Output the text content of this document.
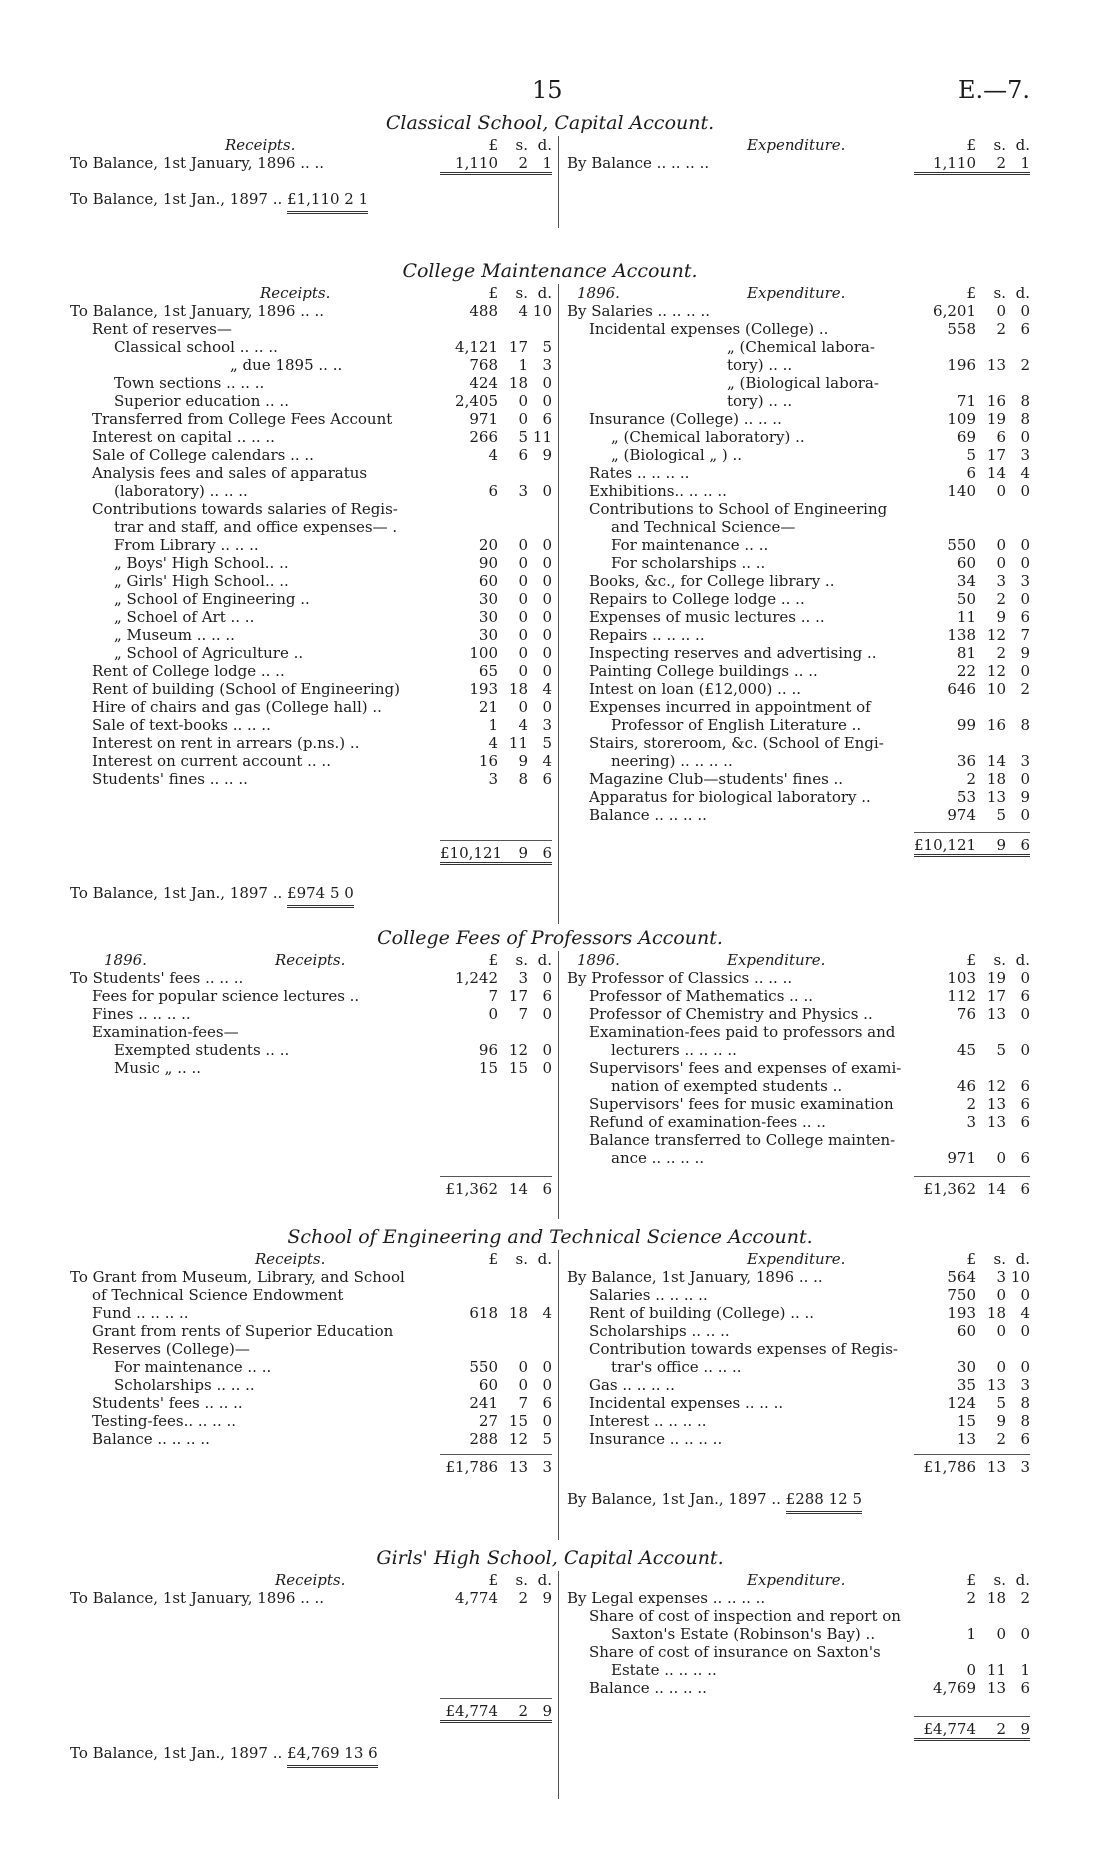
15	E.—7.
Classical School, Capital Account.
Receipts.	£	s. d.
To Balance, 1st January, 1896 .. ..	1,110	2 1
To Balance, 1st Jan., 1897 .. £1,110 2 1
Expenditure.	£	s. d.
By Balance .. .. .. ..	1,110	2 1
College Maintenance Account.
Receipts.	£	s. d.
To Balance, 1st January, 1896 .. ..	488	4 10
Rent of reserves—
Classical school .. .. ..	4,121 17 5
„ due 1895 .. ..	768	1 3
Town sections .. .. ..	424 18 0
Superior education .. ..	2,405	0 0
Transferred from College Fees Account	971	0 6
Interest on capital .. .. ..	266	5 11
Sale of College calendars .. ..	4	6 9
Analysis fees and sales of apparatus
(laboratory) .. .. ..	6	3 0
Contributions towards salaries of Regis-
trar and staff, and office expenses— .
From Library .. .. ..	20	0 0
„ Boys' High School.. ..	90	0 0
„ Girls' High School.. ..	60	0 0
„ School of Engineering ..	30	0 0
„ Schoel of Art .. ..	30	0 0
„ Museum .. .. ..	30	0 0
„ School of Agriculture ..	100	0 0
Rent of College lodge .. ..	65	0 0
Rent of building (School of Engineering)	193 18 4
Hire of chairs and gas (College hall) ..	21	0 0
Sale of text-books .. .. ..	1	4 3
Interest on rent in arrears (p.ns.) ..	4 11 5
Interest on current account .. ..	16	9 4
Students' fines .. .. ..	3	8 6
£10,121	9 6
To Balance, 1st Jan., 1897 .. £974 5 0
1896.	Expenditure.	£	s. d.
By Salaries .. .. .. ..	6,201	0 0
Incidental expenses (College) ..	558	2 6
„ (Chemical labora-
tory) .. ..	196 13 2
„ (Biological labora-
tory) .. ..	71 16 8
Insurance (College) .. .. ..	109 19 8
„ (Chemical laboratory) ..	69	6 0
„ (Biological „ ) ..	5 17 3
Rates .. .. .. ..	6 14 4
Exhibitions.. .. .. ..	140	0 0
Contributions to School of Engineering
and Technical Science—
For maintenance .. ..	550	0 0
For scholarships .. ..	60	0 0
Books, &c., for College library ..	34	3 3
Repairs to College lodge .. ..	50	2 0
Expenses of music lectures .. ..	11	9 6
Repairs .. .. .. ..	138 12 7
Inspecting reserves and advertising ..	81	2 9
Painting College buildings .. ..	22 12 0
Intest on loan (£12,000) .. ..	646 10 2
Expenses incurred in appointment of
Professor of English Literature ..	99 16 8
Stairs, storeroom, &c. (School of Engi-
neering) .. .. .. ..	36 14 3
Magazine Club—students' fines ..	2 18 0
Apparatus for biological laboratory ..	53 13 9
Balance .. .. .. ..	974	5 0
£10,121	9 6
College Fees of Professors Account.
1896.	Receipts.	£	s. d.
To Students' fees .. .. ..	1,242	3 0
Fees for popular science lectures ..	7 17 6
Fines .. .. .. ..	0	7 0
Examination-fees—
Exempted students .. ..	96 12 0
Music „ .. ..	15 15 0
£1,362 14 6
1896.	Expenditure.	£	s. d.
By Professor of Classics .. .. ..	103 19 0
Professor of Mathematics .. ..	112 17 6
Professor of Chemistry and Physics ..	76 13 0
Examination-fees paid to professors and
lecturers .. .. .. ..	45	5 0
Supervisors' fees and expenses of exami-
nation of exempted students ..	46 12 6
Supervisors' fees for music examination	2 13 6
Refund of examination-fees .. ..	3 13 6
Balance transferred to College mainten-
ance .. .. .. ..	971	0 6
£1,362 14 6
School of Engineering and Technical Science Account.
Receipts.	£	s. d.
To Grant from Museum, Library, and School
of Technical Science Endowment
Fund .. .. .. ..	618 18 4
Grant from rents of Superior Education
Reserves (College)—
For maintenance .. ..	550	0 0
Scholarships .. .. ..	60	0 0
Students' fees .. .. ..	241	7 6
Testing-fees.. .. .. ..	27 15 0
Balance .. .. .. ..	288 12 5
£1,786 13 3
Expenditure.	£	s. d.
By Balance, 1st January, 1896 .. ..	564	3 10
Salaries .. .. .. ..	750	0 0
Rent of building (College) .. ..	193 18 4
Scholarships .. .. ..	60	0 0
Contribution towards expenses of Regis-
trar's office .. .. ..	30	0 0
Gas .. .. .. ..	35 13 3
Incidental expenses .. .. ..	124	5 8
Interest .. .. .. ..	15	9 8
Insurance .. .. .. ..	13	2 6
£1,786 13 3
By Balance, 1st Jan., 1897 .. £288 12 5
Girls' High School, Capital Account.
Receipts.	£	s. d.
To Balance, 1st January, 1896 .. ..	4,774	2 9
£4,774	2 9
To Balance, 1st Jan., 1897 .. £4,769 13 6
Expenditure.	£	s. d.
By Legal expenses .. .. .. ..	2 18 2
Share of cost of inspection and report on
Saxton's Estate (Robinson's Bay) ..	1	0 0
Share of cost of insurance on Saxton's
Estate .. .. .. ..	0 11 1
Balance .. .. .. ..	4,769 13 6
£4,774	2 9
